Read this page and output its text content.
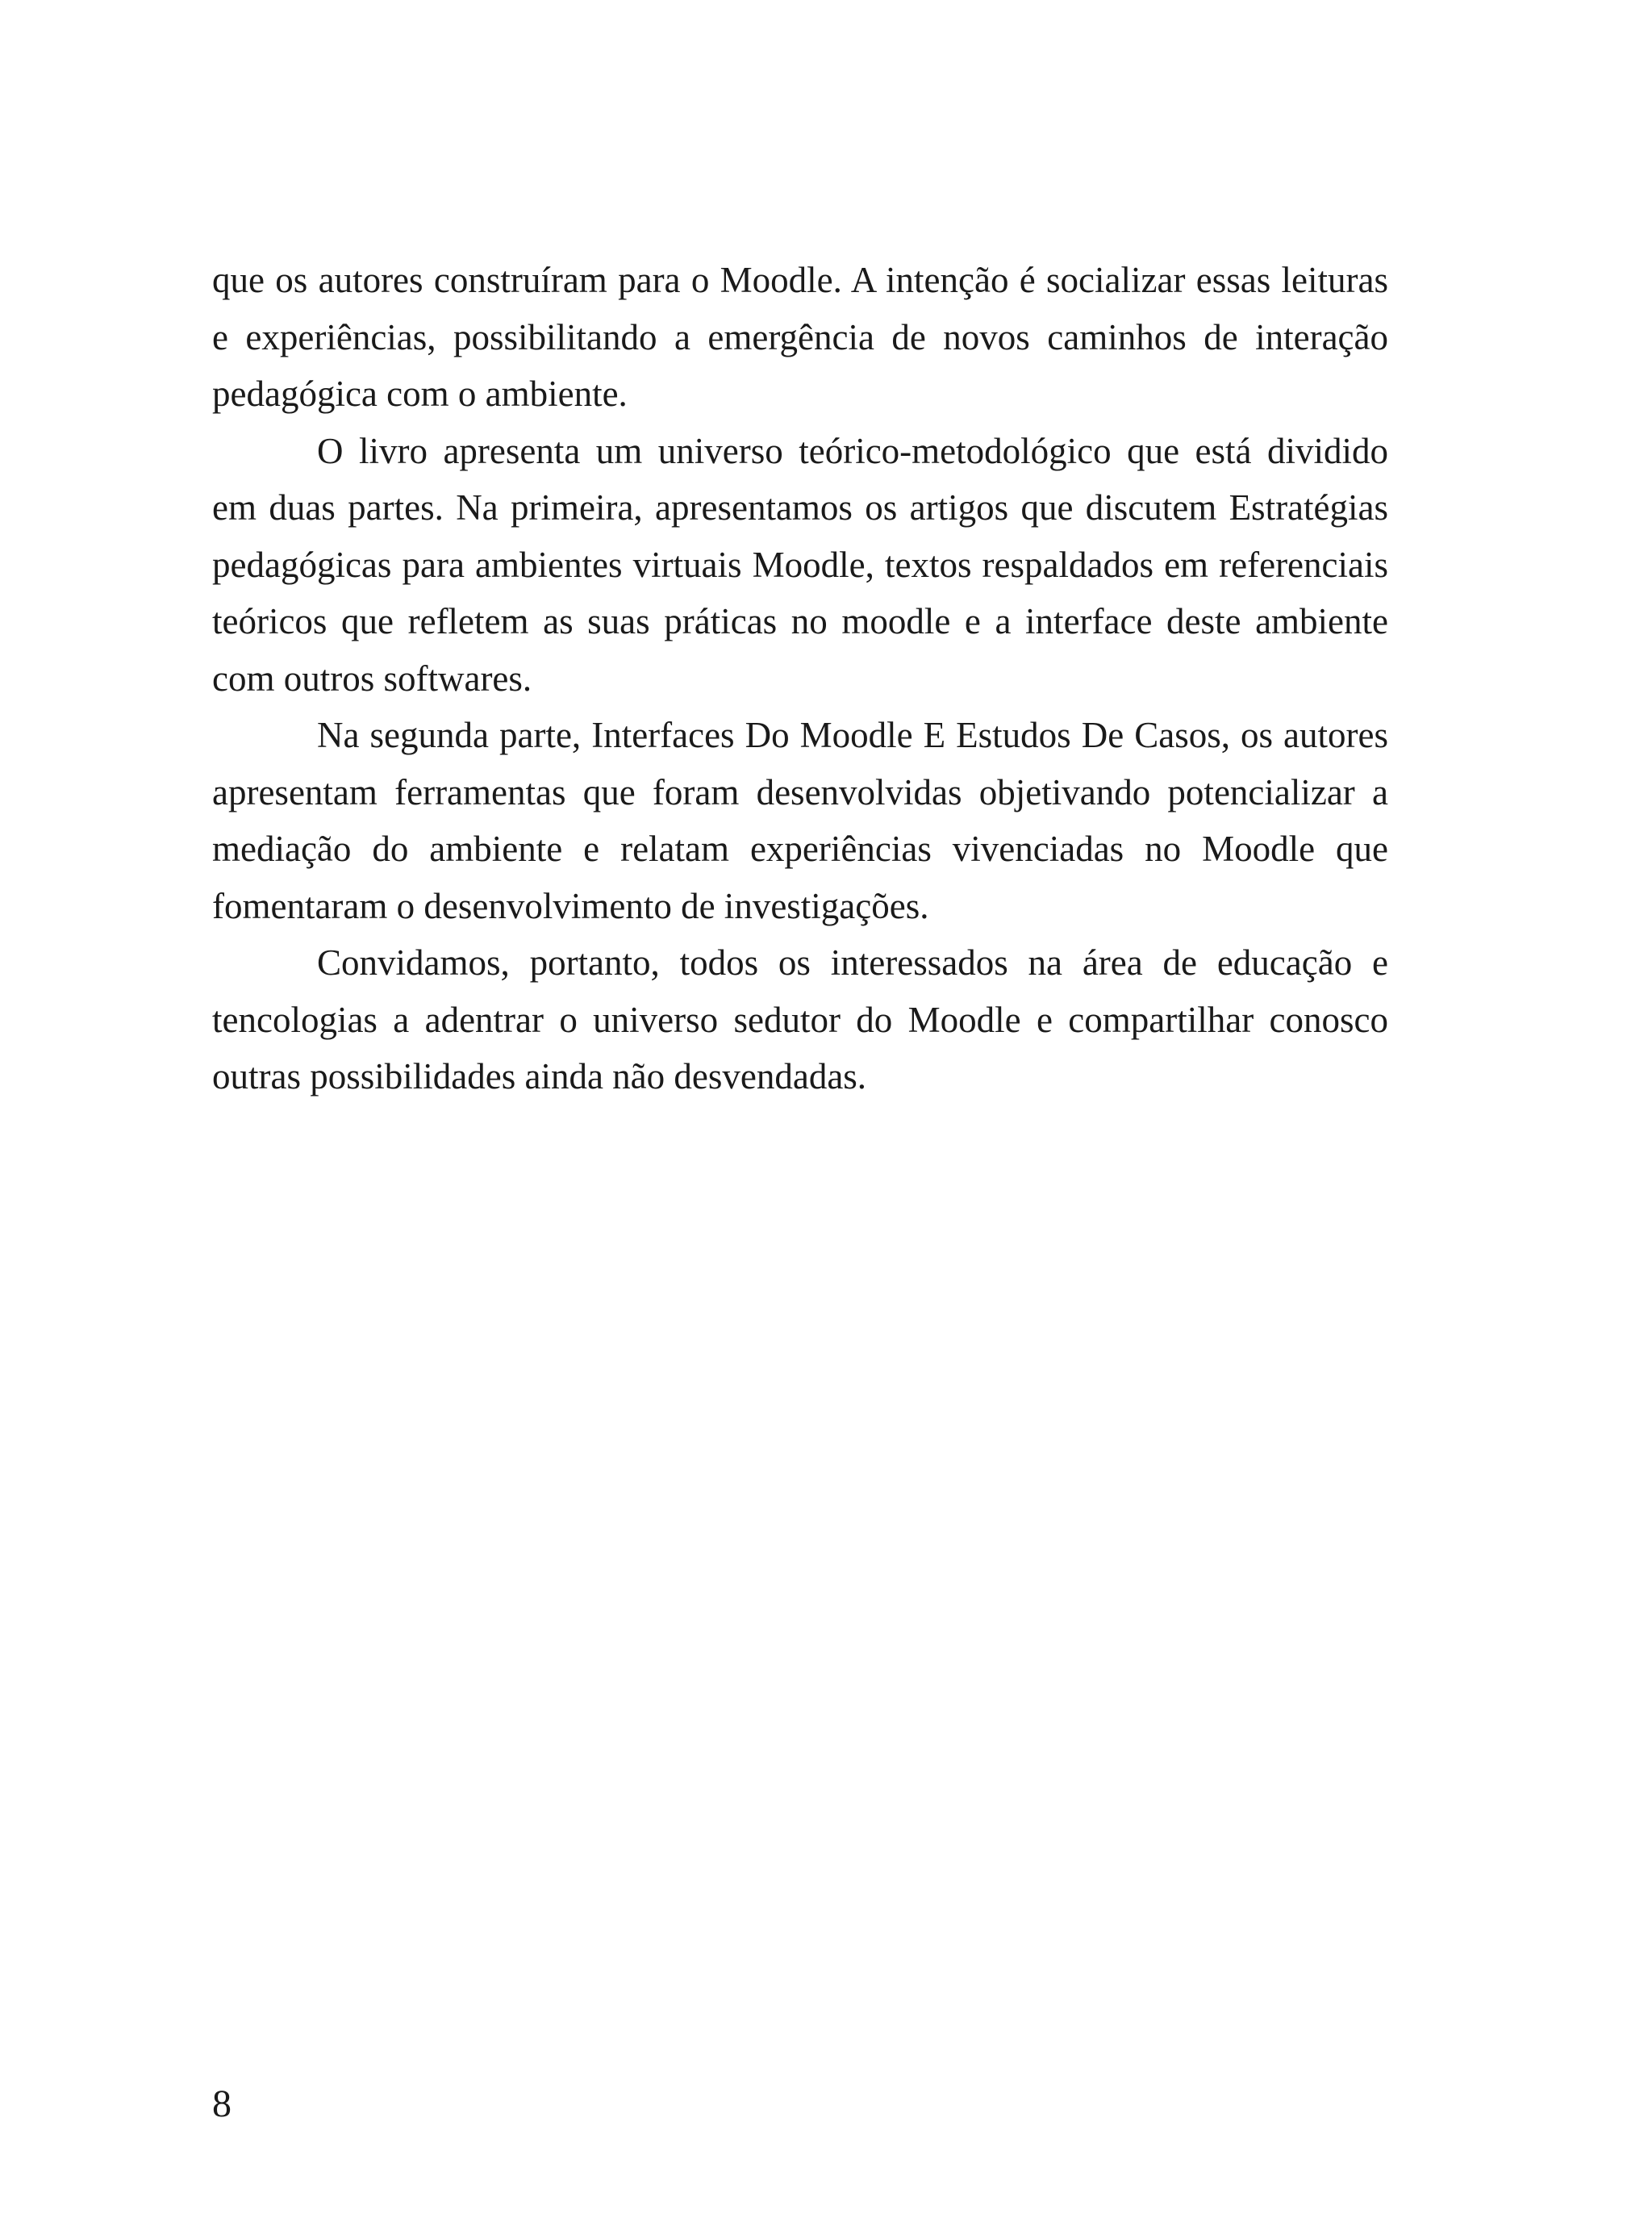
que os autores construíram para o Moodle. A intenção é socializar essas leituras e experiências, possibilitando a emergência de novos caminhos de interação pedagógica com o ambiente.

O livro apresenta um universo teórico-metodológico que está dividido em duas partes. Na primeira, apresentamos os artigos que discutem Estratégias pedagógicas para ambientes virtuais Moodle, textos respaldados em referenciais teóricos que refletem as suas práticas no moodle e a interface deste ambiente com outros softwares.

Na segunda parte, Interfaces Do Moodle E Estudos De Casos, os autores apresentam ferramentas que foram desenvolvidas objetivando potencializar a mediação do ambiente e relatam experiências vivenciadas no Moodle que fomentaram o desenvolvimento de investigações.

Convidamos, portanto, todos os interessados na área de educação e tencologias a adentrar o universo sedutor do Moodle e compartilhar conosco outras possibilidades ainda não desvendadas.

8
